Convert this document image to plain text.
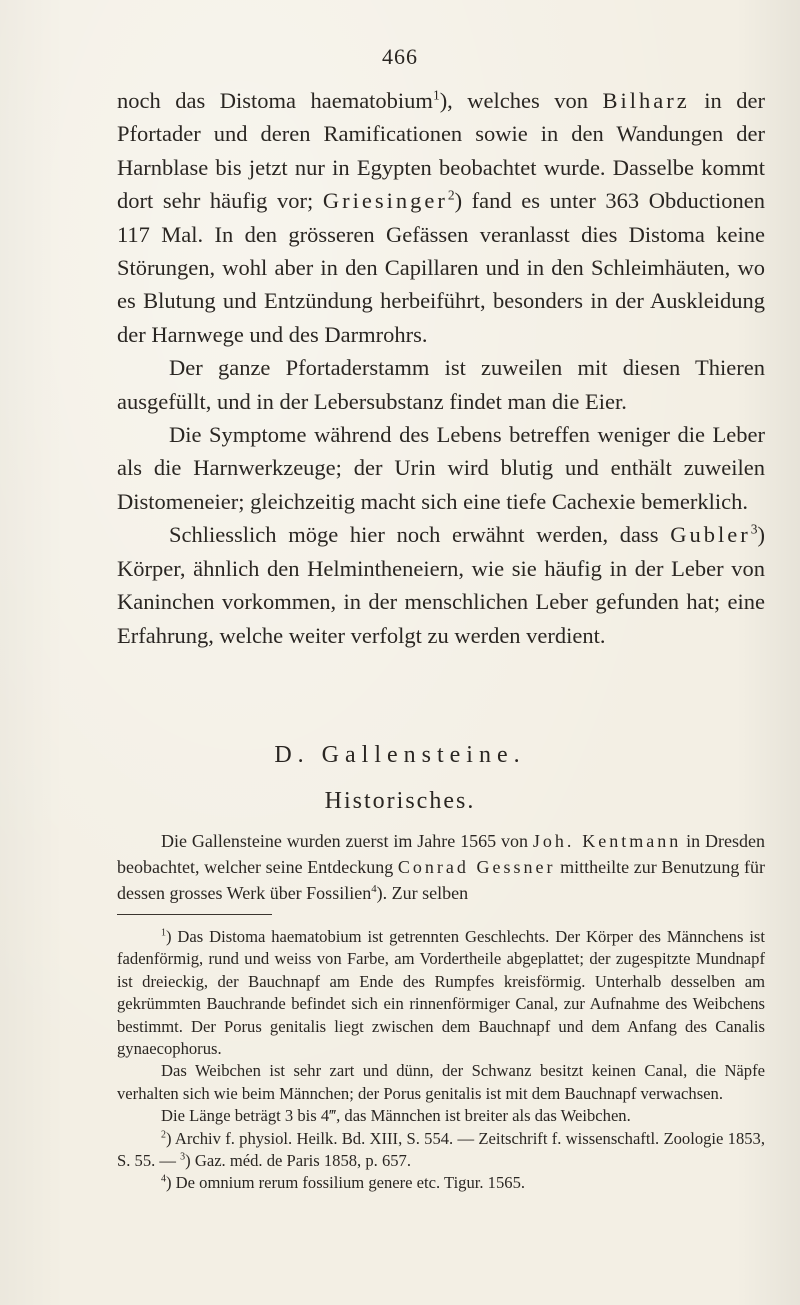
466

noch das Distoma haematobium$^1$), welches von Bilharz in der Pfortader und deren Ramificationen sowie in den Wandungen der Harnblase bis jetzt nur in Egypten beobachtet wurde. Dasselbe kommt dort sehr häufig vor; Griesinger$^2$) fand es unter 363 Obductionen 117 Mal. In den grösseren Gefässen veranlasst dies Distoma keine Störungen, wohl aber in den Capillaren und in den Schleimhäuten, wo es Blutung und Entzündung herbeiführt, besonders in der Auskleidung der Harnwege und des Darmrohrs.

Der ganze Pfortaderstamm ist zuweilen mit diesen Thieren ausgefüllt, und in der Lebersubstanz findet man die Eier.

Die Symptome während des Lebens betreffen weniger die Leber als die Harnwerkzeuge; der Urin wird blutig und enthält zuweilen Distomeneier; gleichzeitig macht sich eine tiefe Cachexie bemerklich.

Schliesslich möge hier noch erwähnt werden, dass Gubler$^3$) Körper, ähnlich den Helmintheneiern, wie sie häufig in der Leber von Kaninchen vorkommen, in der menschlichen Leber gefunden hat; eine Erfahrung, welche weiter verfolgt zu werden verdient.

D. Gallensteine.
Historisches.

Die Gallensteine wurden zuerst im Jahre 1565 von Joh. Kentmann in Dresden beobachtet, welcher seine Entdeckung Conrad Gessner mittheilte zur Benutzung für dessen grosses Werk über Fossilien$^4$). Zur selben

$^1$) Das Distoma haematobium ist getrennten Geschlechts. Der Körper des Männchens ist fadenförmig, rund und weiss von Farbe, am Vordertheile abgeplattet; der zugespitzte Mundnapf ist dreieckig, der Bauchnapf am Ende des Rumpfes kreisförmig. Unterhalb desselben am gekrümmten Bauchrande befindet sich ein rinnenförmiger Canal, zur Aufnahme des Weibchens bestimmt. Der Porus genitalis liegt zwischen dem Bauchnapf und dem Anfang des Canalis gynaecophorus.

Das Weibchen ist sehr zart und dünn, der Schwanz besitzt keinen Canal, die Näpfe verhalten sich wie beim Männchen; der Porus genitalis ist mit dem Bauchnapf verwachsen.

Die Länge beträgt 3 bis 4‴, das Männchen ist breiter als das Weibchen.

$^2$) Archiv f. physiol. Heilk. Bd. XIII, S. 554. — Zeitschrift f. wissenschaftl. Zoologie 1853, S. 55. — $^3$) Gaz. méd. de Paris 1858, p. 657.

$^4$) De omnium rerum fossilium genere etc. Tigur. 1565.
